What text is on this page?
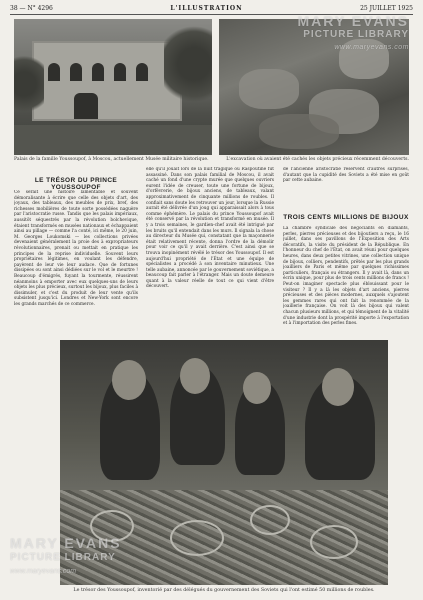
38 — N° 4296	L'ILLUSTRATION	25 JUILLET 1925
Palais de la famille Youssoupof, à Moscou, actuellement Musée militaire historique.	L'excavation où avaient été cachés les objets précieux récemment découverts.
LE TRÉSOR DU PRINCE YOUSSOUPOF
Ce serait une histoire lamentable et souvent démoralisante à écrire que celle des objets d'art, des joyaux, des tableaux, des meubles de prix, bref, des richesses mobilières de toute sorte possédées naguère par l'aristocratie russe. Tandis que les palais impériaux, aussitôt séquestrés par la révolution bolchevique, étaient transformés en musées nationaux et échappaient ainsi au pillage — comme l'a conté, ici même, le 20 juin, M. Georges Loukomski — les collections privées devenaient généralement la proie des à expropriateurs révolutionnaires, prenait ou mettait en pratique les principes de la reprise individuelle. Souvent leurs propriétaires légitimes, en voulant les défendre, payèrent de leur vie leur audace. Que de fortunes dissipées ou sont ainsi dédiées sur le vol et le meurtre ! Beaucoup d'émigrés, fuyant la tourmente, réussirent néanmoins à emporter avec eux quelques-uns de leurs objets les plus précieux, surtout les bijoux, plus faciles à dissimuler, et c'est du produit de leur vente qu'ils subsistent jusqu'ici. Londres et New-York sont encore les grands marchés de ce commerce.
elle qu'il jouait lors de la nuit tragique où Raspoutine fut assassiné. Dans son palais familial de Moscou, il avait caché un fond d'une crypte murée que quelques ouvriers eurent l'idée de creuser, toute une fortune de bijoux, d'orfèvrerie, de bijoux anciens, de tableaux, valant approximativement de cinquante millions de roubles. Il confiait sans doute les retrouver un jour, lorsque la Russie aurait été délivrée d'un joug qui apparaissait alors à tous comme éphémère. Le palais du prince Youssoupof avait été conservé par la révolution et transformé en musée. Il y a trois semaines, le gardien-chef avait été intrigué par les bruits qu'il entendait dans les murs. Il signala la chose au directeur du Musée qui, constatant que la maçonnerie était relativement récente, donna l'ordre de la démolir pour voir ce qu'il y avait derrière. C'est ainsi que se trouva inopinément révélé le trésor des Youssoupof. Il est aujourd'hui propriété de l'État et une équipe de spécialistes a procédé à son inventaire minutieux. Une telle aubaine, annoncée par le gouvernement soviétique, a beaucoup fait parler à l'étranger. Mais un doute demeure quant à la valeur réelle de tout ce qui vient d'être découvert.
de l'ancienne aristocratie réservent d'autres surprises, d'autant que la cupidité des Soviets a été mise en goût par cette aubaine.
TROIS CENTS MILLIONS DE BIJOUX
La chambre syndicale des négociants en diamants, perles, pierres précieuses et des bijoutiers a reçu, le 16 juillet, dans ses pavillons de l'Exposition des Arts décoratifs, la visite du président de la République. En l'honneur du chef de l'État, on avait réuni pour quelques heures, dans deux petites vitrines, une collection unique de bijoux, colliers, pendentifs, prêtés par les plus grands joailliers de Paris et même par quelques richissimes particuliers, français ou étrangers. Il y avait là, dans un écrin unique, pour plus de trois cents millions de francs ! Peut-on imaginer spectacle plus éblouissant pour le visiteur ? Il y a là les objets d'art anciens, pierres précieuses et des pièces modernes, auxquels s'ajoutent les gemmes rares qui ont fait la renommée de la joaillerie française. On voit là des bijoux qui valent chacun plusieurs millions, et qui témoignent de la vitalité d'une industrie dont la prospérité importe à l'exportation et à l'importation des perles fines.
Le trésor des Youssoupof, inventorié par des délégués du gouvernement des Soviets qui l'ont estimé 50 millions de roubles.
MARY EVANS
PICTURE LIBRARY
www.maryevans.com
MARY EVANS
PICTURE LIBRARY
www.maryevans.com
